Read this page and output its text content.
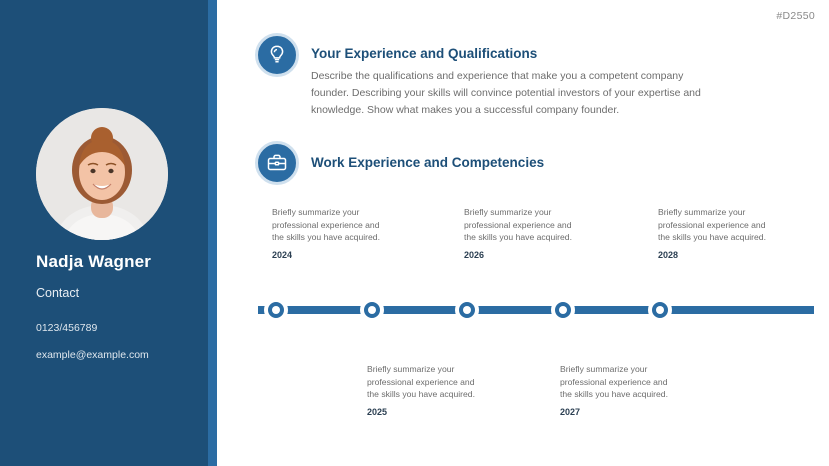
Nadja Wagner
Contact
0123/456789
example@example.com
#D2550
Your Experience and Qualifications
Describe the qualifications and experience that make you a competent company founder. Describing your skills will convince potential investors of your expertise and knowledge. Show what makes you a successful company founder.
Work Experience and Competencies
Briefly summarize your professional experience and the skills you have acquired.
2024
Briefly summarize your professional experience and the skills you have acquired.
2025
Briefly summarize your professional experience and the skills you have acquired.
2026
Briefly summarize your professional experience and the skills you have acquired.
2027
Briefly summarize your professional experience and the skills you have acquired.
2028
